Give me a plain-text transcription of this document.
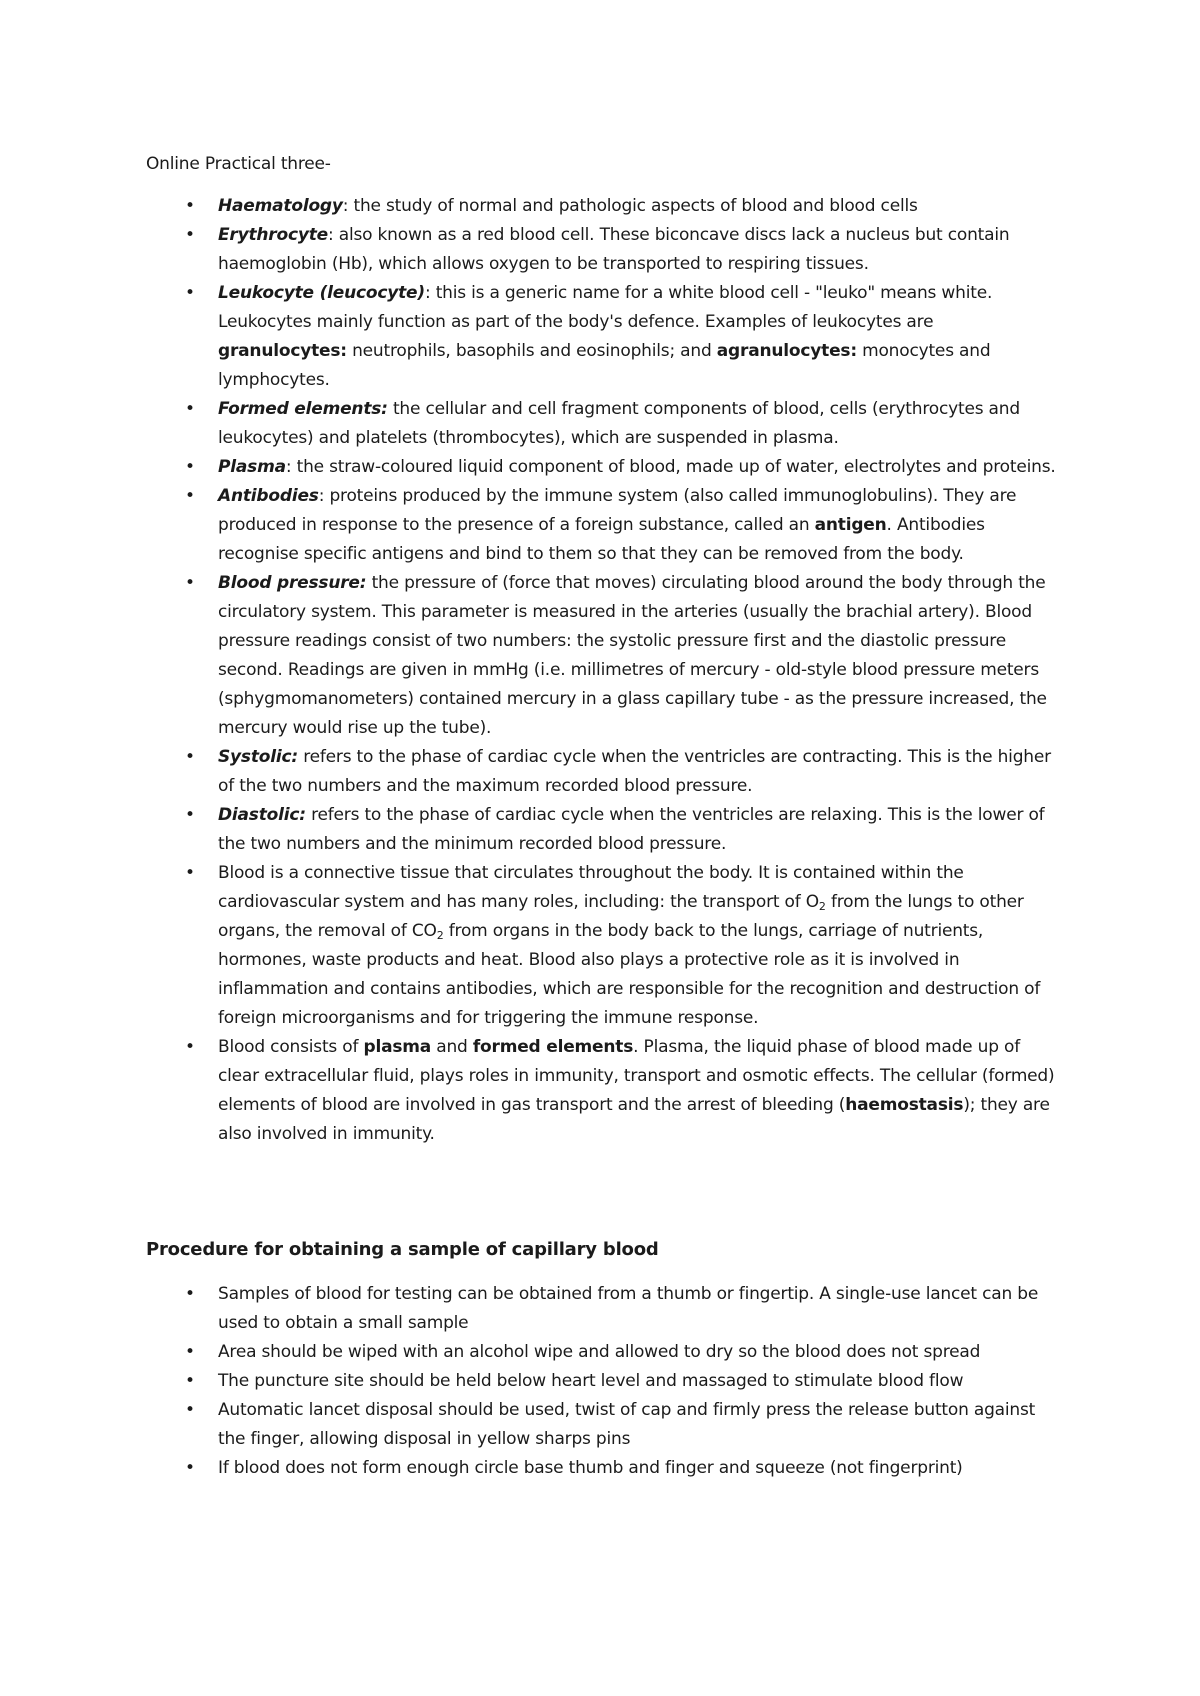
Online Practical three-
• Haematology: the study of normal and pathologic aspects of blood and blood cells
• Erythrocyte: also known as a red blood cell. These biconcave discs lack a nucleus but contain haemoglobin (Hb), which allows oxygen to be transported to respiring tissues.
• Leukocyte (leucocyte): this is a generic name for a white blood cell - "leuko" means white. Leukocytes mainly function as part of the body's defence. Examples of leukocytes are granulocytes: neutrophils, basophils and eosinophils; and agranulocytes: monocytes and lymphocytes.
• Formed elements: the cellular and cell fragment components of blood, cells (erythrocytes and leukocytes) and platelets (thrombocytes), which are suspended in plasma.
• Plasma: the straw-coloured liquid component of blood, made up of water, electrolytes and proteins.
• Antibodies: proteins produced by the immune system (also called immunoglobulins). They are produced in response to the presence of a foreign substance, called an antigen. Antibodies recognise specific antigens and bind to them so that they can be removed from the body.
• Blood pressure: the pressure of (force that moves) circulating blood around the body through the circulatory system. This parameter is measured in the arteries (usually the brachial artery). Blood pressure readings consist of two numbers: the systolic pressure first and the diastolic pressure second. Readings are given in mmHg (i.e. millimetres of mercury - old-style blood pressure meters (sphygmomanometers) contained mercury in a glass capillary tube - as the pressure increased, the mercury would rise up the tube).
• Systolic: refers to the phase of cardiac cycle when the ventricles are contracting. This is the higher of the two numbers and the maximum recorded blood pressure.
• Diastolic: refers to the phase of cardiac cycle when the ventricles are relaxing. This is the lower of the two numbers and the minimum recorded blood pressure.
• Blood is a connective tissue that circulates throughout the body. It is contained within the cardiovascular system and has many roles, including: the transport of $O_2$ from the lungs to other organs, the removal of $CO_2$ from organs in the body back to the lungs, carriage of nutrients, hormones, waste products and heat. Blood also plays a protective role as it is involved in inflammation and contains antibodies, which are responsible for the recognition and destruction of foreign microorganisms and for triggering the immune response.
• Blood consists of plasma and formed elements. Plasma, the liquid phase of blood made up of clear extracellular fluid, plays roles in immunity, transport and osmotic effects. The cellular (formed) elements of blood are involved in gas transport and the arrest of bleeding (haemostasis); they are also involved in immunity.
Procedure for obtaining a sample of capillary blood
• Samples of blood for testing can be obtained from a thumb or fingertip. A single-use lancet can be used to obtain a small sample
• Area should be wiped with an alcohol wipe and allowed to dry so the blood does not spread
• The puncture site should be held below heart level and massaged to stimulate blood flow
• Automatic lancet disposal should be used, twist of cap and firmly press the release button against the finger, allowing disposal in yellow sharps pins
• If blood does not form enough circle base thumb and finger and squeeze (not fingerprint)
